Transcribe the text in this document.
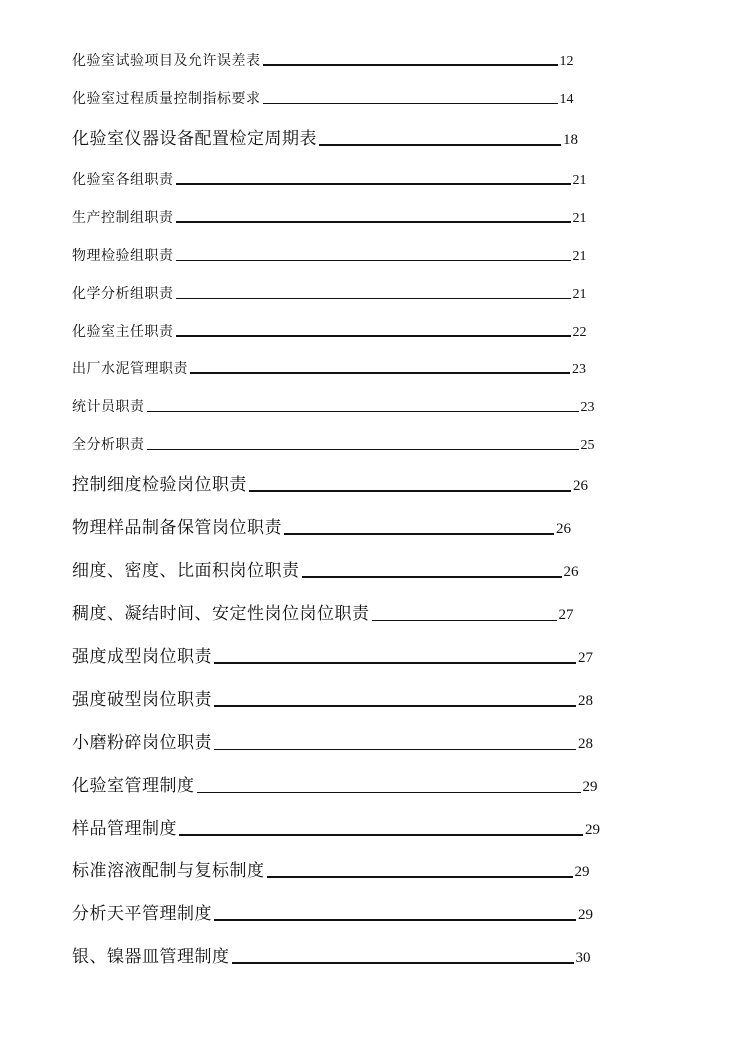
化验室试验项目及允许误差表	12
化验室过程质量控制指标要求	14
化验室仪器设备配置检定周期表	18
化验室各组职责	21
生产控制组职责	21
物理检验组职责	21
化学分析组职责	21
化验室主任职责	22
出厂水泥管理职责	23
统计员职责	23
全分析职责	25
控制细度检验岗位职责	26
物理样品制备保管岗位职责	26
细度、密度、比面积岗位职责	26
稠度、凝结时间、安定性岗位岗位职责	27
强度成型岗位职责	27
强度破型岗位职责	28
小磨粉碎岗位职责	28
化验室管理制度	29
样品管理制度	29
标准溶液配制与复标制度	29
分析天平管理制度	29
银、镍器皿管理制度	30
